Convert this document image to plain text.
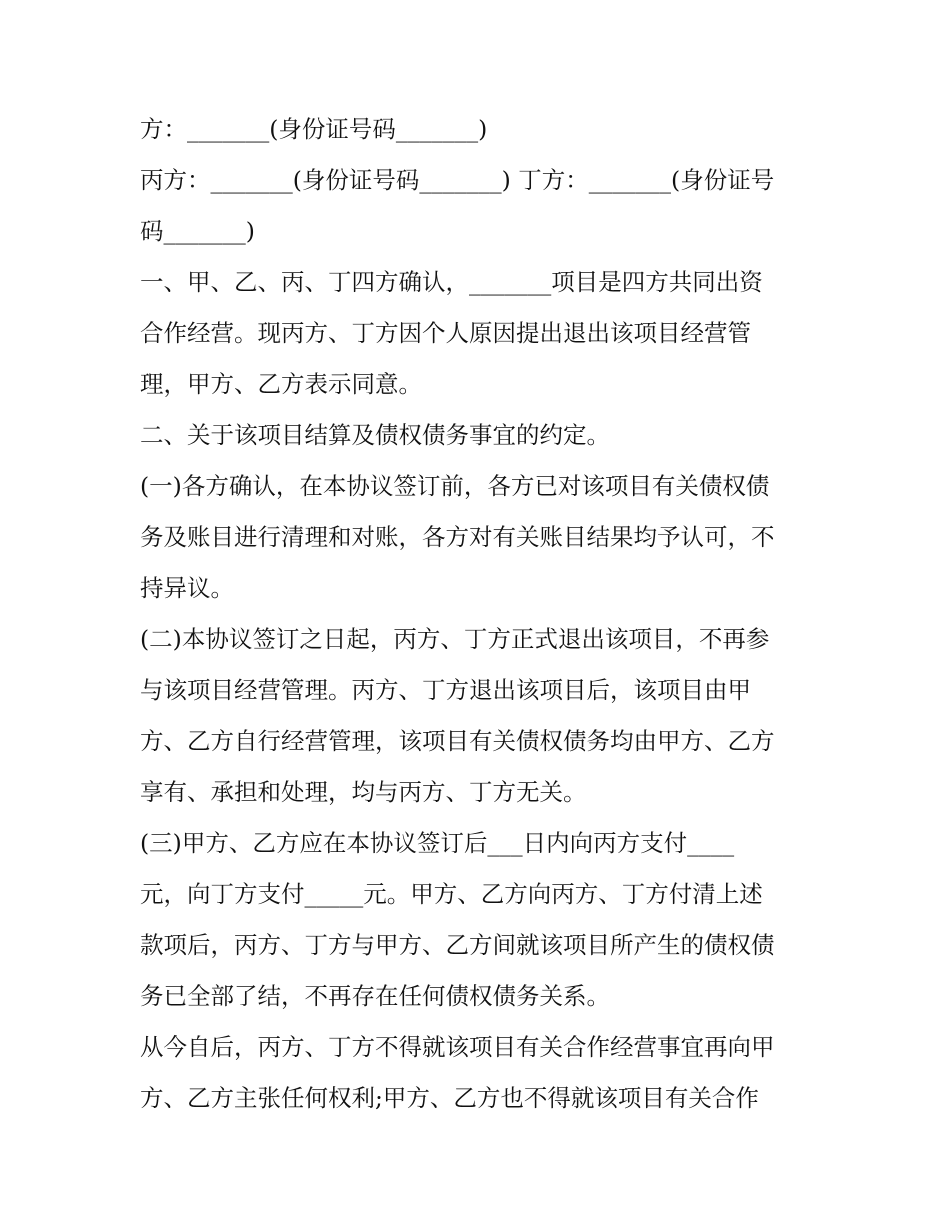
方：_______(身份证号码_______)
丙方：_______(身份证号码_______) 丁方：_______(身份证号
码_______)
一、甲、乙、丙、丁四方确认，_______项目是四方共同出资
合作经营。现丙方、丁方因个人原因提出退出该项目经营管
理，甲方、乙方表示同意。
二、关于该项目结算及债权债务事宜的约定。
(一)各方确认，在本协议签订前，各方已对该项目有关债权债
务及账目进行清理和对账，各方对有关账目结果均予认可，不
持异议。
(二)本协议签订之日起，丙方、丁方正式退出该项目，不再参
与该项目经营管理。丙方、丁方退出该项目后，该项目由甲
方、乙方自行经营管理，该项目有关债权债务均由甲方、乙方
享有、承担和处理，均与丙方、丁方无关。
(三)甲方、乙方应在本协议签订后___日内向丙方支付____
元，向丁方支付_____元。甲方、乙方向丙方、丁方付清上述
款项后，丙方、丁方与甲方、乙方间就该项目所产生的债权债
务已全部了结，不再存在任何债权债务关系。
从今自后，丙方、丁方不得就该项目有关合作经营事宜再向甲
方、乙方主张任何权利;甲方、乙方也不得就该项目有关合作
